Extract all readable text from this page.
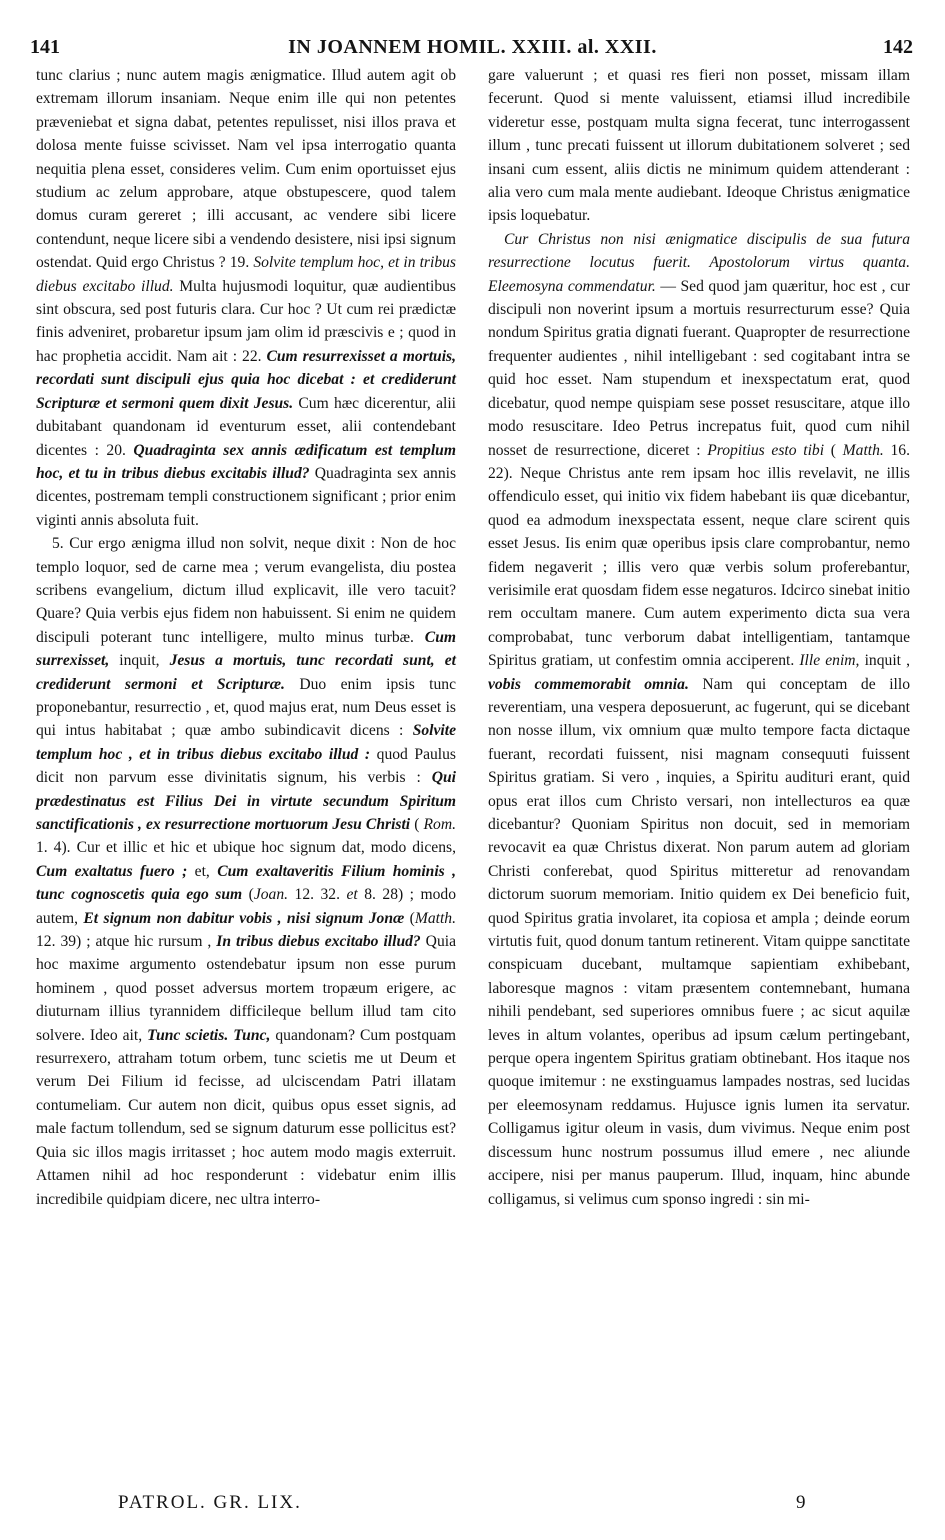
141	IN JOANNEM HOMIL. XXIII. al. XXII.	142

tunc clarius ; nunc autem magis ænigmatice. Illud autem agit ob extremam illorum insaniam. Neque enim ille qui non petentes præveniebat et signa dabat, petentes repulisset, nisi illos prava et dolosa mente fuisse scivisset. Nam vel ipsa interrogatio quanta nequitia plena esset, consideres velim. Cum enim oportuisset ejus studium ac zelum approbare, atque obstupescere, quod talem domus curam gereret ; illi accusant, ac vendere sibi licere contendunt, neque licere sibi a vendendo desistere, nisi ipsi signum ostendat. Quid ergo Christus ? 19. Solvite templum hoc, et in tribus diebus excitabo illud. Multa hujusmodi loquitur, quæ audientibus sint obscura, sed post futuris clara. Cur hoc ? Ut cum rei prædictæ finis adveniret, probaretur ipsum jam olim id præscivis e ; quod in hac prophetia accidit. Nam ait : 22. Cum resurrexisset a mortuis, recordati sunt discipuli ejus quia hoc dicebat : et crediderunt Scripturæ et sermoni quem dixit Jesus. Cum hæc dicerentur, alii dubitabant quandonam id eventurum esset, alii contendebant dicentes : 20. Quadraginta sex annis ædificatum est templum hoc, et tu in tribus diebus excitabis illud? Quadraginta sex annis dicentes, postremam templi constructionem significant ; prior enim viginti annis absoluta fuit.

5. Cur ergo ænigma illud non solvit, neque dixit : Non de hoc templo loquor, sed de carne mea ; verum evangelista, diu postea scribens evangelium, dictum illud explicavit, ille vero tacuit? Quare? Quia verbis ejus fidem non habuissent. Si enim ne quidem discipuli poterant tunc intelligere, multo minus turbæ. Cum surrexisset, inquit, Jesus a mortuis, tunc recordati sunt, et crediderunt sermoni et Scripturæ. Duo enim ipsis tunc proponebantur, resurrectio , et, quod majus erat, num Deus esset is qui intus habitabat ; quæ ambo subindicavit dicens : Solvite templum hoc , et in tribus diebus excitabo illud : quod Paulus dicit non parvum esse divinitatis signum, his verbis : Qui prædestinatus est Filius Dei in virtute secundum Spiritum sanctificationis , ex resurrectione mortuorum Jesu Christi ( Rom. 1. 4). Cur et illic et hic et ubique hoc signum dat, modo dicens, Cum exaltatus fuero ; et, Cum exaltaveritis Filium hominis , tunc cognoscetis quia ego sum (Joan. 12. 32. et 8. 28) ; modo autem, Et signum non dabitur vobis , nisi signum Jonæ (Matth. 12. 39) ; atque hic rursum , In tribus diebus excitabo illud? Quia hoc maxime argumento ostendebatur ipsum non esse purum hominem , quod posset adversus mortem tropæum erigere, ac diuturnam illius tyrannidem difficileque bellum illud tam cito solvere. Ideo ait, Tunc scietis. Tunc, quandonam? Cum postquam resurrexero, attraham totum orbem, tunc scietis me ut Deum et verum Dei Filium id fecisse, ad ulciscendam Patri illatam contumeliam. Cur autem non dicit, quibus opus esset signis, ad male factum tollendum, sed se signum daturum esse pollicitus est? Quia sic illos magis irritasset ; hoc autem modo magis exterruit. Attamen nihil ad hoc responderunt : videbatur enim illis incredibile quidpiam dicere, nec ultra interro-

gare valuerunt ; et quasi res fieri non posset, missam illam fecerunt. Quod si mente valuissent, etiamsi illud incredibile videretur esse, postquam multa signa fecerat, tunc interrogassent illum , tunc precati fuissent ut illorum dubitationem solveret ; sed insani cum essent, aliis dictis ne minimum quidem attenderant : alia vero cum mala mente audiebant. Ideoque Christus ænigmatice ipsis loquebatur.

Cur Christus non nisi ænigmatice discipulis de sua futura resurrectione locutus fuerit. Apostolorum virtus quanta. Eleemosyna commendatur. — Sed quod jam quæritur, hoc est , cur discipuli non noverint ipsum a mortuis resurrecturum esse? Quia nondum Spiritus gratia dignati fuerant. Quapropter de resurrectione frequenter audientes , nihil intelligebant : sed cogitabant intra se quid hoc esset. Nam stupendum et inexspectatum erat, quod dicebatur, quod nempe quispiam sese posset resuscitare, atque illo modo resuscitare. Ideo Petrus increpatus fuit, quod cum nihil nosset de resurrectione, diceret : Propitius esto tibi ( Matth. 16. 22). Neque Christus ante rem ipsam hoc illis revelavit, ne illis offendiculo esset, qui initio vix fidem habebant iis quæ dicebantur, quod ea admodum inexspectata essent, neque clare scirent quis esset Jesus. Iis enim quæ operibus ipsis clare comprobantur, nemo fidem negaverit ; illis vero quæ verbis solum proferebantur, verisimile erat quosdam fidem esse negaturos. Idcirco sinebat initio rem occultam manere. Cum autem experimento dicta sua vera comprobabat, tunc verborum dabat intelligentiam, tantamque Spiritus gratiam, ut confestim omnia acciperent. Ille enim, inquit , vobis commemorabit omnia. Nam qui conceptam de illo reverentiam, una vespera deposuerunt, ac fugerunt, qui se dicebant non nosse illum, vix omnium quæ multo tempore facta dictaque fuerant, recordati fuissent, nisi magnam consequuti fuissent Spiritus gratiam. Si vero , inquies, a Spiritu audituri erant, quid opus erat illos cum Christo versari, non intellecturos ea quæ dicebantur? Quoniam Spiritus non docuit, sed in memoriam revocavit ea quæ Christus dixerat. Non parum autem ad gloriam Christi conferebat, quod Spiritus mitteretur ad renovandam dictorum suorum memoriam. Initio quidem ex Dei beneficio fuit, quod Spiritus gratia involaret, ita copiosa et ampla ; deinde eorum virtutis fuit, quod donum tantum retinerent. Vitam quippe sanctitate conspicuam ducebant, multamque sapientiam exhibebant, laboresque magnos : vitam præsentem contemnebant, humana nihili pendebant, sed superiores omnibus fuere ; ac sicut aquilæ leves in altum volantes, operibus ad ipsum cælum pertingebant, perque opera ingentem Spiritus gratiam obtinebant. Hos itaque nos quoque imitemur : ne exstinguamus lampades nostras, sed lucidas per eleemosynam reddamus. Hujusce ignis lumen ita servatur. Colligamus igitur oleum in vasis, dum vivimus. Neque enim post discessum hunc nostrum possumus illud emere , nec aliunde accipere, nisi per manus pauperum. Illud, inquam, hinc abunde colligamus, si velimus cum sponso ingredi : sin mi-

PATROL. GR. LIX.	9
